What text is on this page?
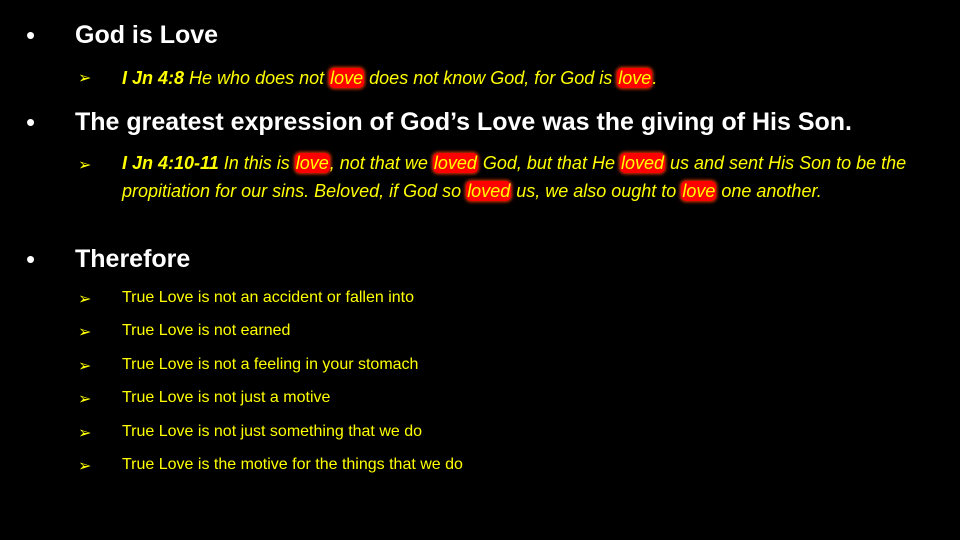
• God is Love
➢ I Jn 4:8 He who does not love does not know God, for God is love.
• The greatest expression of God’s Love was the giving of His Son.
➢ I Jn 4:10-11 In this is love, not that we loved God, but that He loved us and sent His Son to be the propitiation for our sins. Beloved, if God so loved us, we also ought to love one another.
• Therefore
➢ True Love is not an accident or fallen into
➢ True Love is not earned
➢ True Love is not a feeling in your stomach
➢ True Love is not just a motive
➢ True Love is not just something that we do
➢ True Love is the motive for the things that we do
